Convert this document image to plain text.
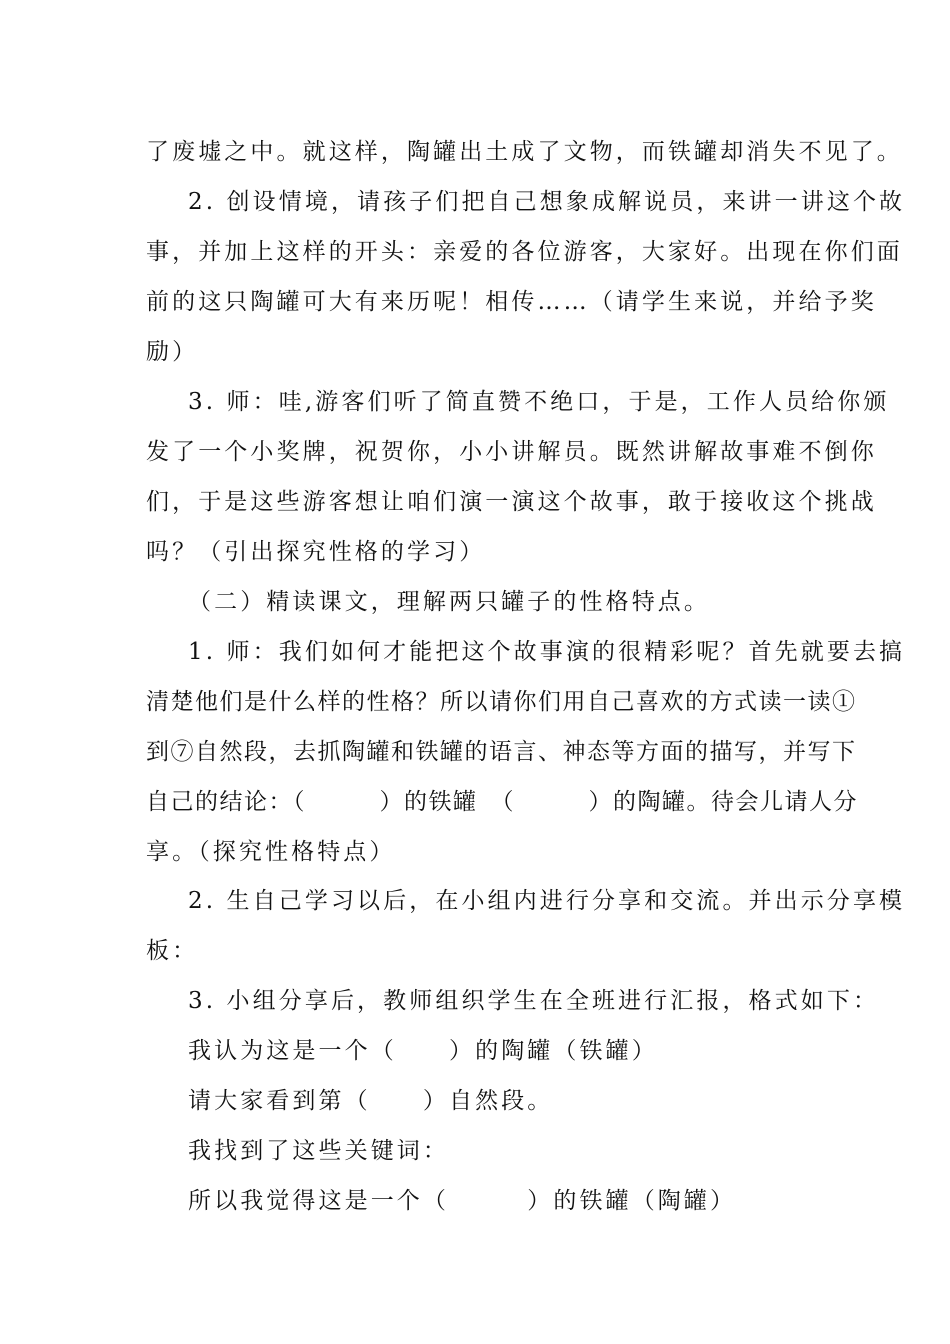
了废墟之中。就这样，陶罐出土成了文物，而铁罐却消失不见了。
2. 创设情境，请孩子们把自己想象成解说员，来讲一讲这个故
事，并加上这样的开头：亲爱的各位游客，大家好。出现在你们面
前的这只陶罐可大有来历呢！相传……（请学生来说，并给予奖
励）
3. 师：哇,游客们听了简直赞不绝口，于是，工作人员给你颁
发了一个小奖牌，祝贺你，小小讲解员。既然讲解故事难不倒你
们，于是这些游客想让咱们演一演这个故事，敢于接收这个挑战
吗？（引出探究性格的学习）
（二）精读课文，理解两只罐子的性格特点。
1. 师：我们如何才能把这个故事演的很精彩呢？首先就要去搞
清楚他们是什么样的性格？所以请你们用自己喜欢的方式读一读①
到⑦自然段，去抓陶罐和铁罐的语言、神态等方面的描写，并写下
自己的结论：（　　　）的铁罐　（　　　）的陶罐。待会儿请人分
享。（探究性格特点）
2. 生自己学习以后，在小组内进行分享和交流。并出示分享模
板：
3. 小组分享后，教师组织学生在全班进行汇报，格式如下：
我认为这是一个（　　）的陶罐（铁罐）
请大家看到第（　　）自然段。
我找到了这些关键词：
所以我觉得这是一个（　　　）的铁罐（陶罐）
